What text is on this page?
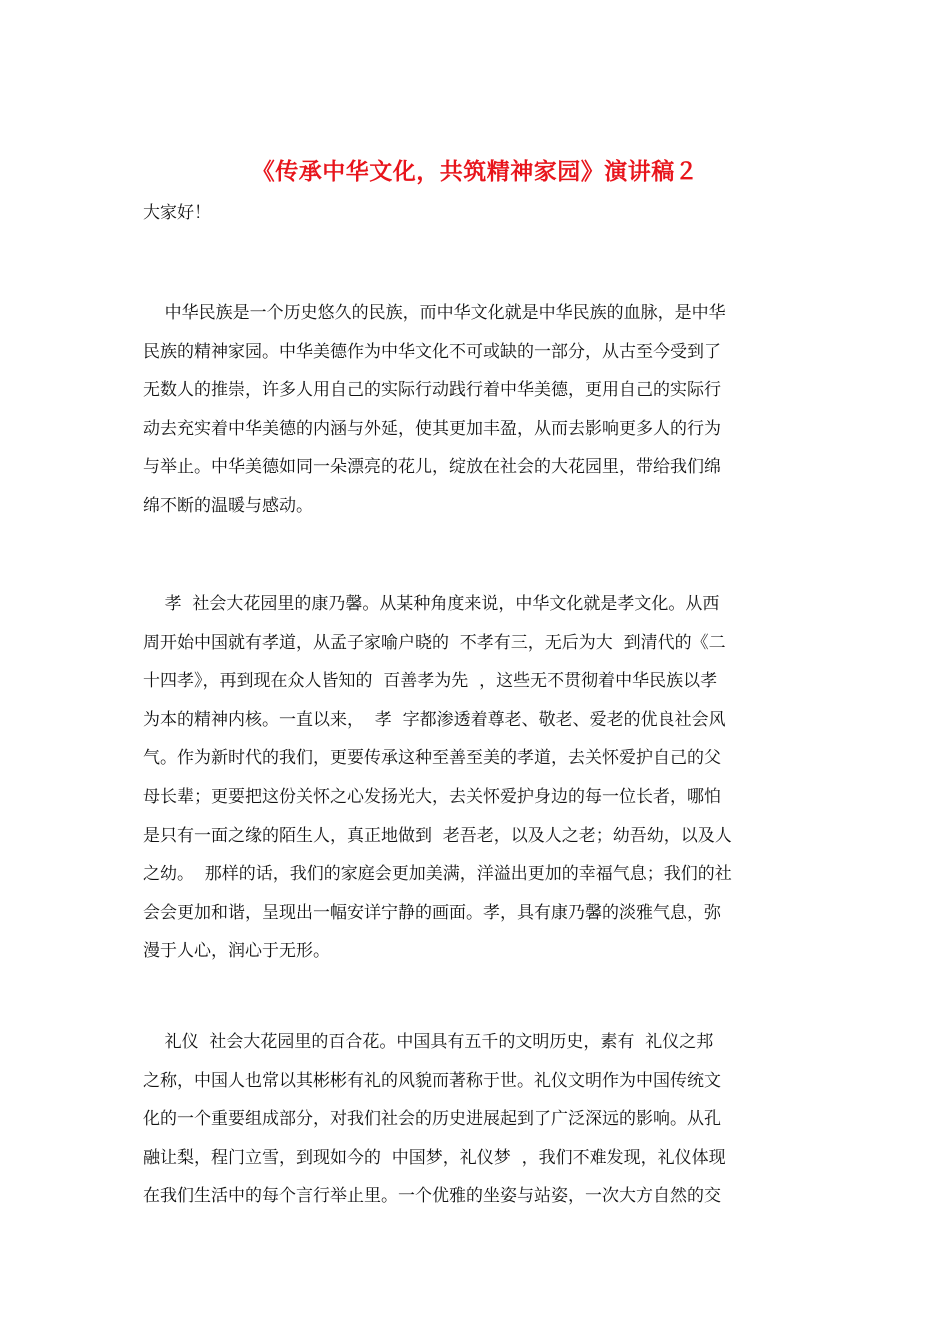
《传承中华文化，共筑精神家园》演讲稿２
大家好！
中华民族是一个历史悠久的民族，而中华文化就是中华民族的血脉，是中华
民族的精神家园。中华美德作为中华文化不可或缺的一部分，从古至今受到了
无数人的推崇，许多人用自己的实际行动践行着中华美德，更用自己的实际行
动去充实着中华美德的内涵与外延，使其更加丰盈，从而去影响更多人的行为
与举止。中华美德如同一朵漂亮的花儿，绽放在社会的大花园里，带给我们绵
绵不断的温暖与感动。
孝  社会大花园里的康乃馨。从某种角度来说，中华文化就是孝文化。从西
周开始中国就有孝道，从孟子家喻户晓的  不孝有三，无后为大  到清代的《二
十四孝》，再到现在众人皆知的  百善孝为先  ，这些无不贯彻着中华民族以孝
为本的精神内核。一直以来，  孝  字都渗透着尊老、敬老、爱老的优良社会风
气。作为新时代的我们，更要传承这种至善至美的孝道，去关怀爱护自己的父
母长辈；更要把这份关怀之心发扬光大，去关怀爱护身边的每一位长者，哪怕
是只有一面之缘的陌生人，真正地做到  老吾老，以及人之老；幼吾幼，以及人
之幼。  那样的话，我们的家庭会更加美满，洋溢出更加的幸福气息；我们的社
会会更加和谐，呈现出一幅安详宁静的画面。孝，具有康乃馨的淡雅气息，弥
漫于人心，润心于无形。
礼仪  社会大花园里的百合花。中国具有五千的文明历史，素有  礼仪之邦
之称，中国人也常以其彬彬有礼的风貌而著称于世。礼仪文明作为中国传统文
化的一个重要组成部分，对我们社会的历史进展起到了广泛深远的影响。从孔
融让梨，程门立雪，到现如今的  中国梦，礼仪梦  ，我们不难发现，礼仪体现
在我们生活中的每个言行举止里。一个优雅的坐姿与站姿，一次大方自然的交
